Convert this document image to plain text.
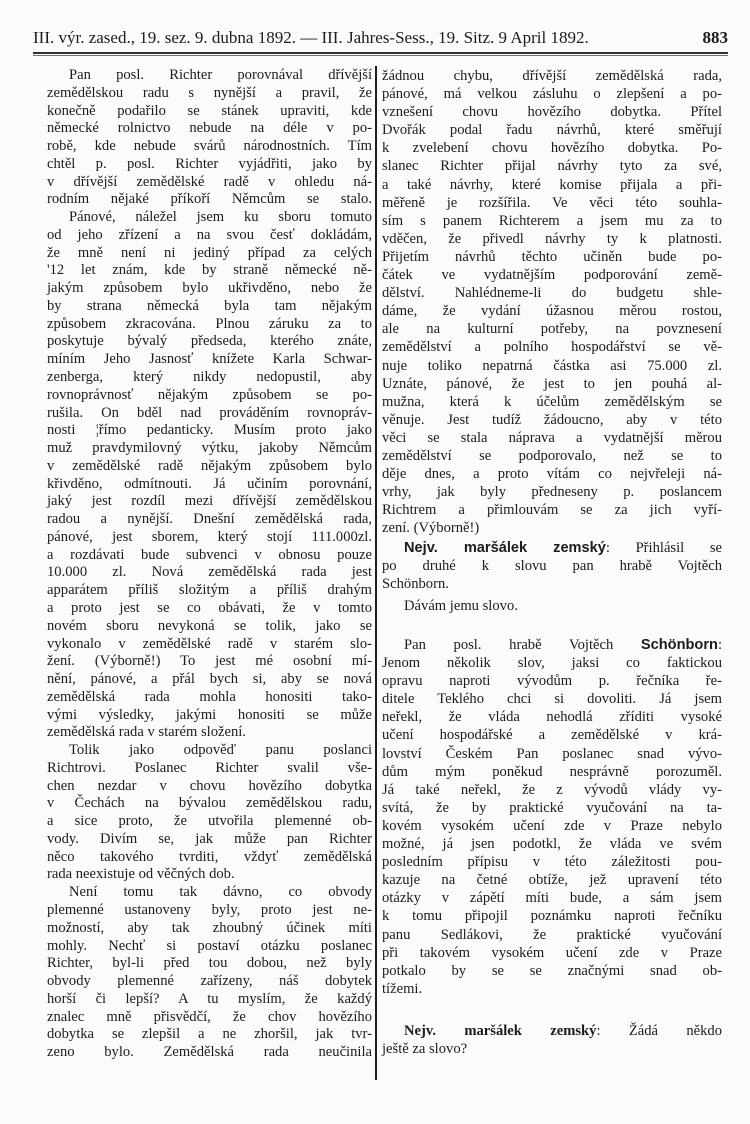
III. výr. zased., 19. sez. 9. dubna 1892. — III. Jahres-Sess., 19. Sitz. 9 April 1892.	883
Pan posl. Richter porovnával dřívější
zemědělskou radu s nynější a pravil, že
konečně podařilo se stánek upraviti, kde
německé rolnictvo nebude na déle v po-
robě, kde nebude svárů národnostních. Tím
chtěl p. posl. Richter vyjádřiti, jako by
v dřívější zemědělské radě v ohledu ná-
rodním nějaké příkoří Němcům se stalo.
Pánové, náležel jsem ku sboru tomuto
od jeho zřízení a na svou česť dokládám,
že mně není ni jediný případ za celých
'12 let znám, kde by straně německé ně-
jakým způsobem bylo ukřivděno, nebo že
by strana německá byla tam nějakým
způsobem zkracována. Plnou záruku za to
poskytuje bývalý předseda, kterého znáte,
míním Jeho Jasnosť knížete Karla Schwar-
zenberga, který nikdy nedopustil, aby
rovnoprávnosť nějakým způsobem se po-
rušila. On bděl nad prováděním rovnopráv-
nosti ¦římo pedanticky. Musím proto jako
muž pravdymilovný výtku, jakoby Němcům
v zemědělské radě nějakým způsobem bylo
křivděno, odmítnouti. Já učiním porovnání,
jaký jest rozdíl mezi dřívější zemědělskou
radou a nynější. Dnešní zemědělská rada,
pánové, jest sborem, který stojí 111.000zl.
a rozdávati bude subvenci v obnosu pouze
10.000 zl. Nová zemědělská rada jest
apparátem příliš složitým a příliš drahým
a proto jest se co obávati, že v tomto
novém sboru nevykoná se tolik, jako se
vykonalo v zemědělské radě v starém slo-
žení. (Výborně!) To jest mé osobní mí-
nění, pánové, a přál bych si, aby se nová
zemědělská rada mohla honositi tako-
vými výsledky, jakými honositi se může
zemědělská rada v starém složení.
Tolik jako odpověď panu poslanci
Richtrovi. Poslanec Richter svalil vše-
chen nezdar v chovu hovězího dobytka
v Čechách na bývalou zemědělskou radu,
a sice proto, že utvořila plemenné ob-
vody. Divím se, jak může pan Richter
něco takového tvrditi, vždyť zemědělská
rada neexistuje od věčných dob.
Není tomu tak dávno, co obvody
plemenné ustanoveny byly, proto jest ne-
možností, aby tak zhoubný účinek míti
mohly. Nechť si postaví otázku poslanec
Richter, byl-li před tou dobou, než byly
obvody plemenné zařízeny, náš dobytek
horší či lepší? A tu myslím, že každý
znalec mně přisvědčí, že chov hovězího
dobytka se zlepšil a ne zhoršil, jak tvr-
zeno bylo. Zemědělská rada neučinila
žádnou chybu, dřívější zemědělská rada,
pánové, má velkou zásluhu o zlepšení a po-
vznešení chovu hovězího dobytka. Přítel
Dvořák podal řadu návrhů, které směřují
k zvelebení chovu hovězího dobytka. Po-
slanec Richter přijal návrhy tyto za své,
a také návrhy, které komise přijala a při-
měřeně je rozšířila. Ve věci této souhla-
sím s panem Richterem a jsem mu za to
vděčen, že přivedl návrhy ty k platnosti.
Přijetím návrhů těchto učiněn bude po-
čátek ve vydatnějším podporování země-
dělství. Nahlédneme-li do budgetu shle-
dáme, že vydání úžasnou měrou rostou,
ale na kulturní potřeby, na povznesení
zemědělství a polního hospodářství se vě-
nuje toliko nepatrná částka asi 75.000 zl.
Uznáte, pánové, že jest to jen pouhá al-
mužna, která k účelům zemědělským se
věnuje. Jest tudíž žádoucno, aby v této
věci se stala náprava a vydatnější měrou
zemědělství se podporovalo, než se to
děje dnes, a proto vítám co nejvřeleji ná-
vrhy, jak byly předneseny p. poslancem
Richtrem a přimlouvám se za jich vyří-
zení. (Výborně!)
Nejv. maršálek zemský: Přihlásil se
po druhé k slovu pan hrabě Vojtěch
Schönborn.
Dávám jemu slovo.
Pan posl. hrabě Vojtěch Schönborn:
Jenom několik slov, jaksi co faktickou
opravu naproti vývodům p. řečníka ře-
ditele Teklého chci si dovoliti. Já jsem
neřekl, že vláda nehodlá zříditi vysoké
učení hospodářské a zemědělské v krá-
lovství Českém Pan poslanec snad vývo-
dům mým poněkud nesprávně porozuměl.
Já také neřekl, že z vývodů vlády vy-
svítá, že by praktické vyučování na ta-
kovém vysokém učení zde v Praze nebylo
možné, já jsen podotkl, že vláda ve svém
posledním přípisu v této záležitosti pou-
kazuje na četné obtíže, jež upravení této
otázky v zápětí míti bude, a sám jsem
k tomu připojil poznámku naproti řečníku
panu Sedlákovi, že praktické vyučování
při takovém vysokém učení zde v Praze
potkalo by se se značnými snad ob-
tížemi.
Nejv. maršálek zemský: Žádá někdo
ještě za slovo?
